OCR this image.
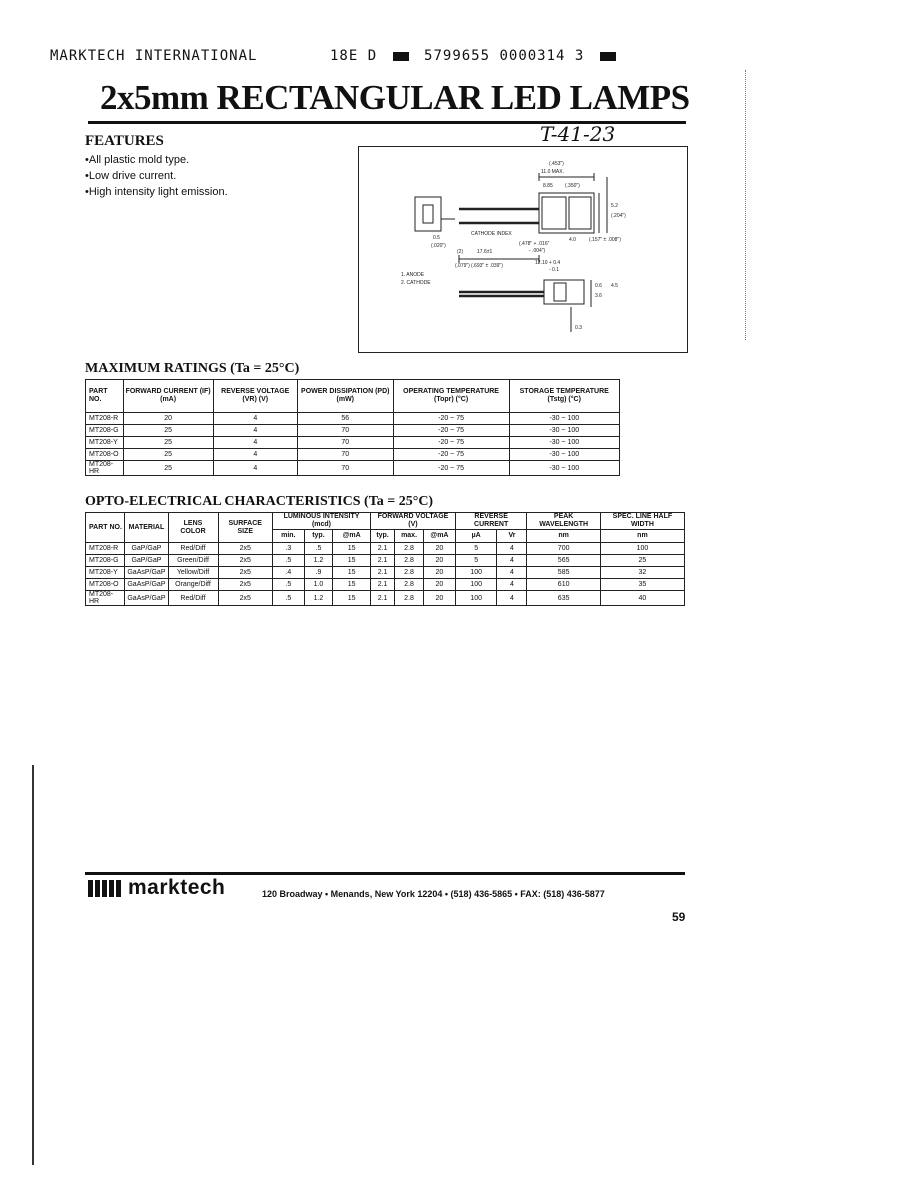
MARKTECH INTERNATIONAL	18E D	5799655 0000314 3
2x5mm RECTANGULAR LED LAMPS
T-41-23
FEATURES
• All plastic mold type.
• Low drive current.
• High intensity light emission.
(.453")
11.0 MAX.
8.85 (.350")
CATHODE INDEX
17.6±1
(.478" + .016"
- .004")
12.10 + 0.4
- 0.1
(.079") (.693" ± .039")
0.5
(.020")
(2)
4.0	(.157" ± .008")
5.2
(.204")
1. ANODE
2. CATHODE	0.6
3.6
4.5
0.3
MAXIMUM RATINGS (Ta = 25°C)
PART NO.	FORWARD CURRENT (IF) (mA)	REVERSE VOLTAGE (VR) (V)	POWER DISSIPATION (PD) (mW)	OPERATING TEMPERATURE (Topr) (°C)	STORAGE TEMPERATURE (Tstg) (°C)
MT208-R	20	4	56	-20 ~ 75	-30 ~ 100
MT208-G	25	4	70	-20 ~ 75	-30 ~ 100
MT208-Y	25	4	70	-20 ~ 75	-30 ~ 100
MT208-O	25	4	70	-20 ~ 75	-30 ~ 100
MT208-HR	25	4	70	-20 ~ 75	-30 ~ 100
OPTO-ELECTRICAL CHARACTERISTICS (Ta = 25°C)
PART NO.	MATERIAL	LENS COLOR	SURFACE SIZE	LUMINOUS INTENSITY (mcd)			FORWARD VOLTAGE (V)			REVERSE CURRENT		PEAK WAVELENGTH	SPEC. LINE HALF WIDTH
				min.	typ.	@mA	typ.	max.	@mA	µA	Vr	nm	nm
MT208-R	GaP/GaP	Red/Diff	2x5	.3	.5	15	2.1	2.8	20	5	4	700	100
MT208-G	GaP/GaP	Green/Diff	2x5	.5	1.2	15	2.1	2.8	20	5	4	565	25
MT208-Y	GaAsP/GaP	Yellow/Diff	2x5	.4	.9	15	2.1	2.8	20	100	4	585	32
MT208-O	GaAsP/GaP	Orange/Diff	2x5	.5	1.0	15	2.1	2.8	20	100	4	610	35
MT208-HR	GaAsP/GaP	Red/Diff	2x5	.5	1.2	15	2.1	2.8	20	100	4	635	40
marktech	120 Broadway • Menands, New York 12204 • (518) 436-5865 • FAX: (518) 436-5877
59
